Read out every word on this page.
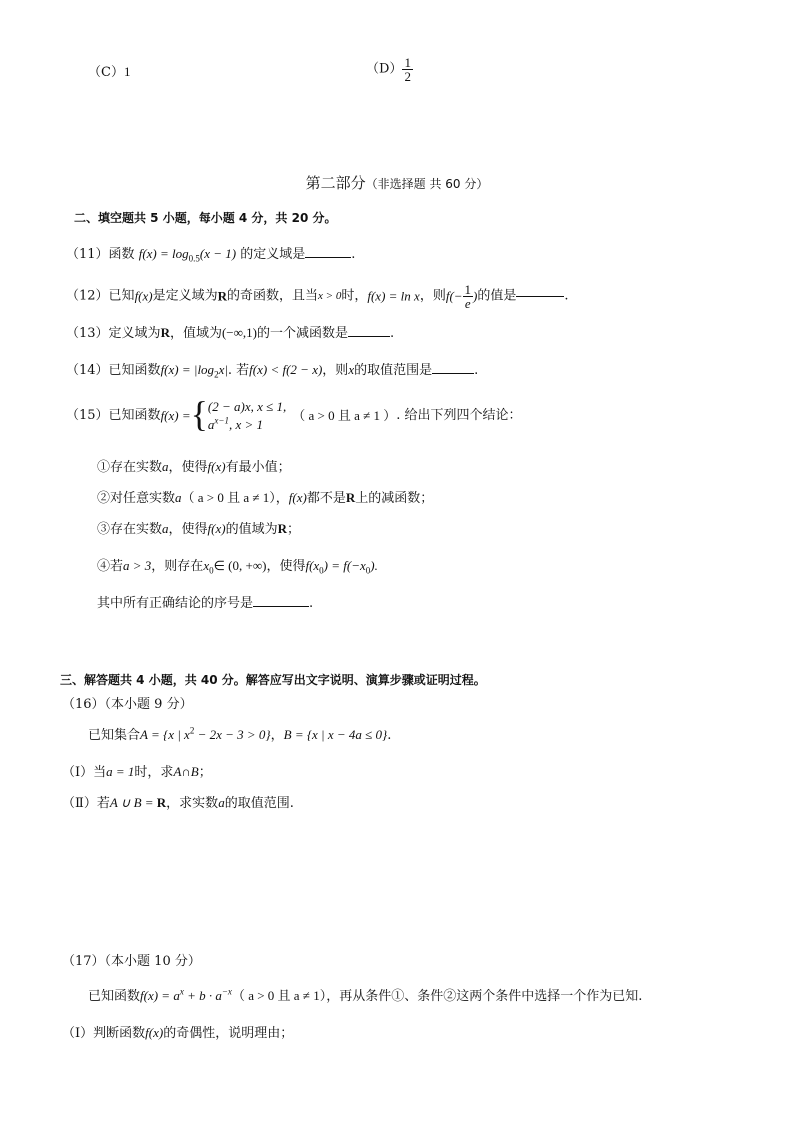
（C）1	$(D) \frac{1}{2}$
第二部分（非选择题 共 60 分）
二、填空题共 5 小题，每小题 4 分，共 20 分。
（11）函数 $f(x) = \log_{0.5}(x - 1)$ 的定义域是	.
（12）已知f(x)是定义域为R的奇函数，且当x > 0时，f(x) = ln x，则$f(- \frac{1}{e}$ )的值是	.
（13）定义域为R，值域为(−∞,1)的一个减函数是	.
（14）已知函数$f(x) = |\log_2x|$. 若f(x) < f(2 − x)，则x的取值范围是	.
（15）已知函数f(x) ={ (2 − a)x, x ≤ 1,
$a^{x-1}$, x > 1
（ a > 0 且 a ≠ 1 ）. 给出下列四个结论：
①存在实数a，使得f(x)有最小值；
②对任意实数a（ a > 0 且 a ≠ 1），f(x)都不是R上的减函数；
③存在实数a，使得f(x)的值域为R；
④若a > 3，则存在$x_0\in$ (0, +∞)，使得$f(x_0) = f(-x_0)$.
其中所有正确结论的序号是	.
三、解答题共 4 小题，共 40 分。解答应写出文字说明、演算步骤或证明过程。
（16）（本小题 9 分）
已知集合A = {x | $x^2 - 2x - 3 > 0$}，B = {x | x − 4a ≤ 0}.
（Ⅰ）当a = 1时，求A∩B；
（Ⅱ）若A ∪ B = R，求实数a的取值范围.
（17）（本小题 10 分）
已知函数$f(x) = a^x + b \cdot a^{-x}$（ a > 0 且 a ≠ 1），再从条件①、条件②这两个条件中选择一个作为已知.
（Ⅰ）判断函数f(x)的奇偶性，说明理由；
